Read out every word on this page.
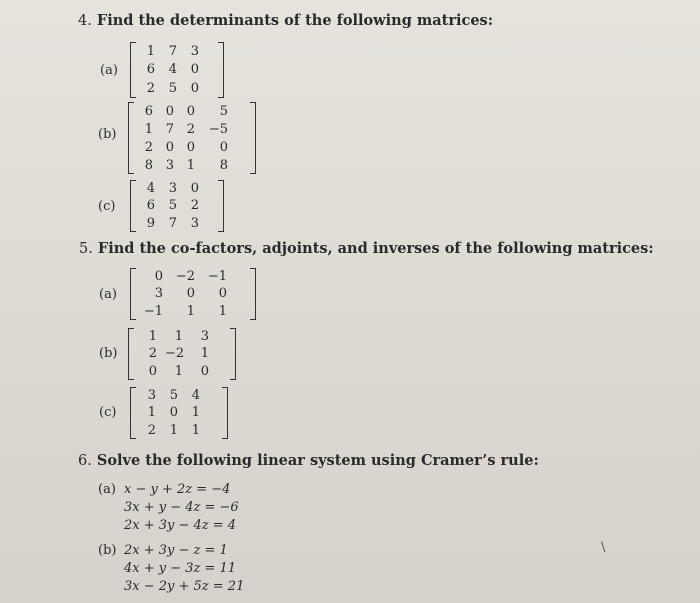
4. Find the determinants of the following matrices:
(a)
1	7	3
6	4	0
2	5	0
(b)
6 0 0	5
1 7 2	−5
2 0 0	0
8 3 1	8
(c)
4	3	0
6	5	2
9	7	3
5. Find the co-factors, adjoints, and inverses of the following matrices:
(a)
0 −2 −1
3	0	0
−1	1	1
(b)
1	1	3
2 −2	1
0	1	0
(c)
3	5	4
1	0	1
2	1	1
6. Solve the following linear system using Cramer’s rule:
(a) x − y + 2z = −4
3x + y − 4z = −6
2x + 3y − 4z = 4
(b) 2x + 3y − z = 1
4x + y − 3z = 11
3x − 2y + 5z = 21
\
